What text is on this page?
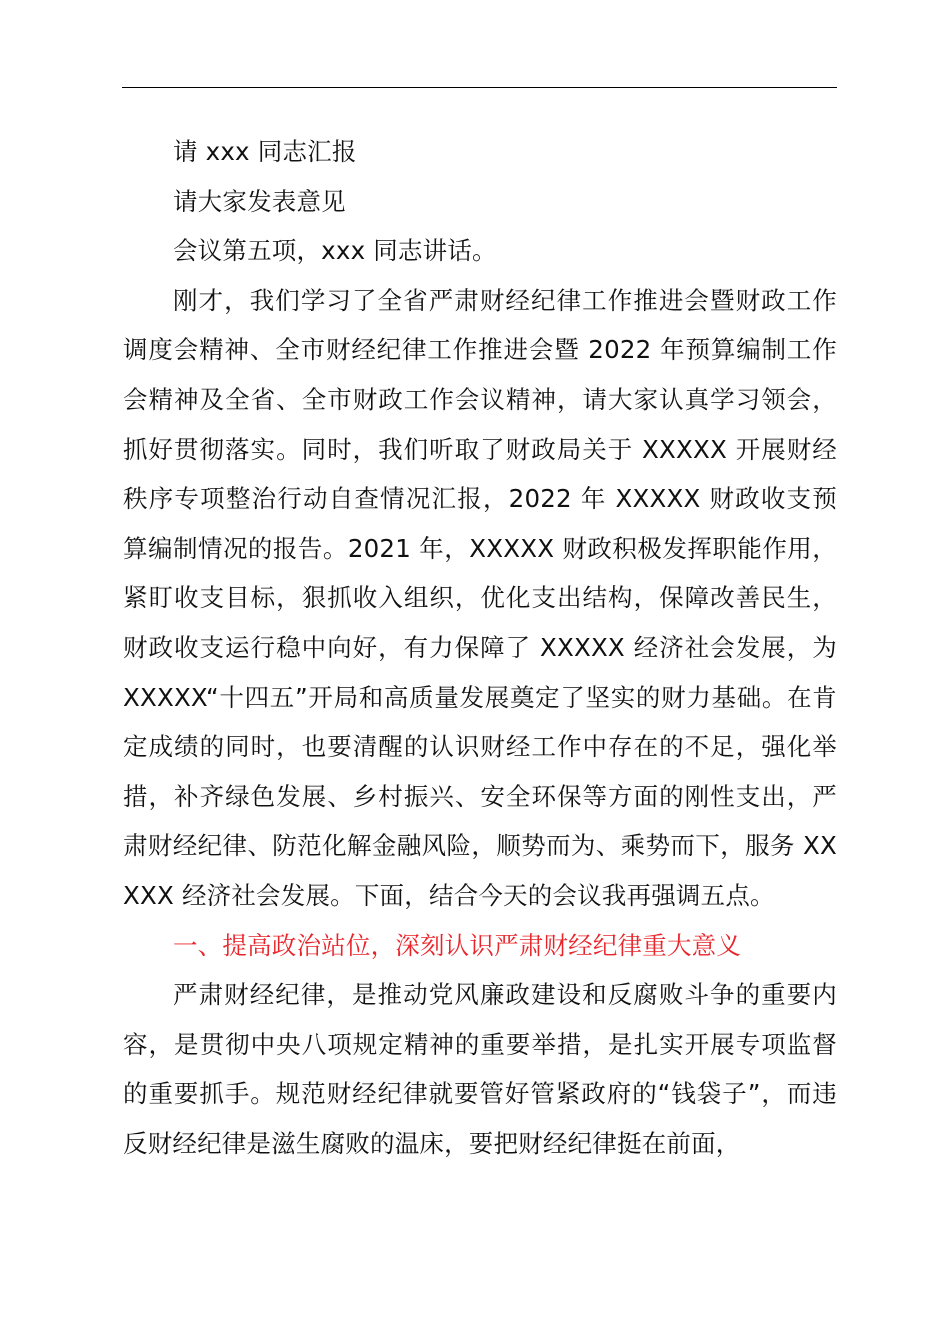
请 xxx 同志汇报

请大家发表意见

会议第五项，xxx 同志讲话。

刚才，我们学习了全省严肃财经纪律工作推进会暨财政工作调度会精神、全市财经纪律工作推进会暨 2022 年预算编制工作会精神及全省、全市财政工作会议精神，请大家认真学习领会，抓好贯彻落实。同时，我们听取了财政局关于 XXXXX 开展财经秩序专项整治行动自查情况汇报，2022 年 XXXXX 财政收支预算编制情况的报告。2021 年，XXXXX 财政积极发挥职能作用，紧盯收支目标，狠抓收入组织，优化支出结构，保障改善民生，财政收支运行稳中向好，有力保障了 XXXXX 经济社会发展，为 XXXXX“十四五”开局和高质量发展奠定了坚实的财力基础。在肯定成绩的同时，也要清醒的认识财经工作中存在的不足，强化举措，补齐绿色发展、乡村振兴、安全环保等方面的刚性支出，严肃财经纪律、防范化解金融风险，顺势而为、乘势而下，服务 XXXXX 经济社会发展。下面，结合今天的会议我再强调五点。

一、提高政治站位，深刻认识严肃财经纪律重大意义

严肃财经纪律，是推动党风廉政建设和反腐败斗争的重要内容，是贯彻中央八项规定精神的重要举措，是扎实开展专项监督的重要抓手。规范财经纪律就要管好管紧政府的“钱袋子”，而违反财经纪律是滋生腐败的温床，要把财经纪律挺在前面，
